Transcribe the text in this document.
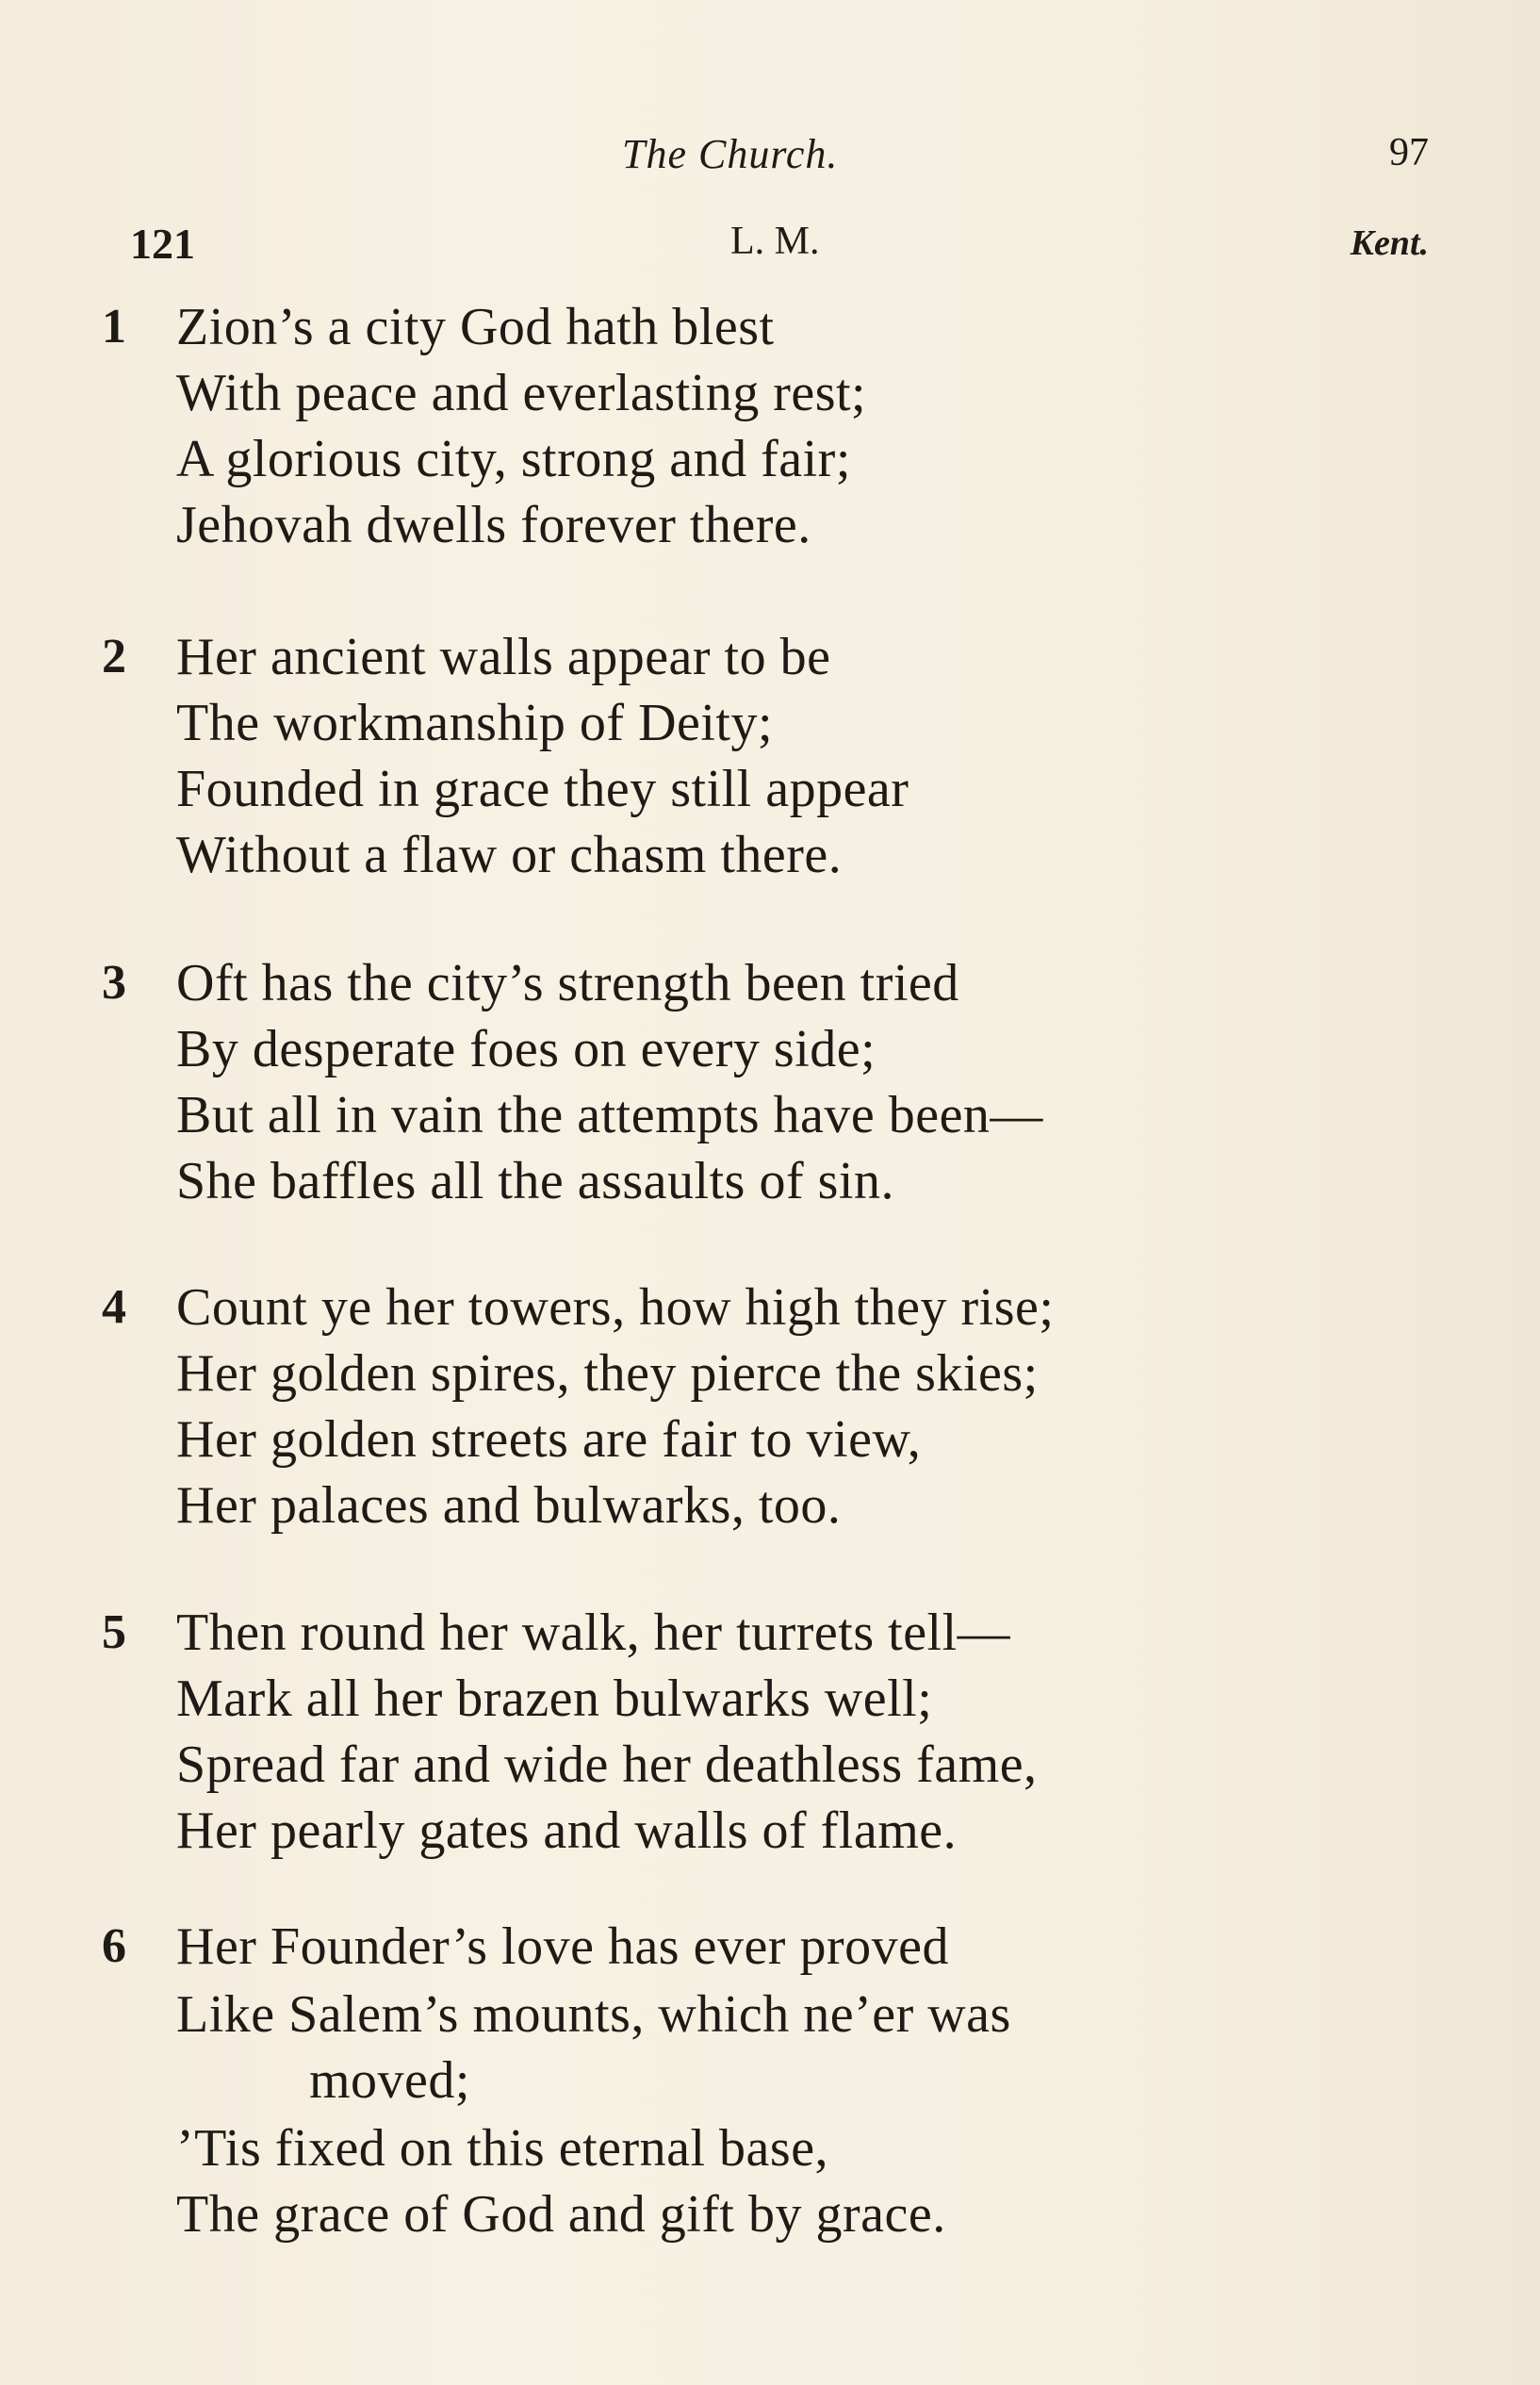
The Church.	97
121	L. M.	Kent.
1 Zion’s a city God hath blest
With peace and everlasting rest;
A glorious city, strong and fair;
Jehovah dwells forever there.
2 Her ancient walls appear to be
The workmanship of Deity;
Founded in grace they still appear
Without a flaw or chasm there.
3 Oft has the city’s strength been tried
By desperate foes on every side;
But all in vain the attempts have been—
She baffles all the assaults of sin.
4 Count ye her towers, how high they rise;
Her golden spires, they pierce the skies;
Her golden streets are fair to view,
Her palaces and bulwarks, too.
5 Then round her walk, her turrets tell—
Mark all her brazen bulwarks well;
Spread far and wide her deathless fame,
Her pearly gates and walls of flame.
6 Her Founder’s love has ever proved
Like Salem’s mounts, which ne’er was
moved;
’Tis fixed on this eternal base,
The grace of God and gift by grace.
